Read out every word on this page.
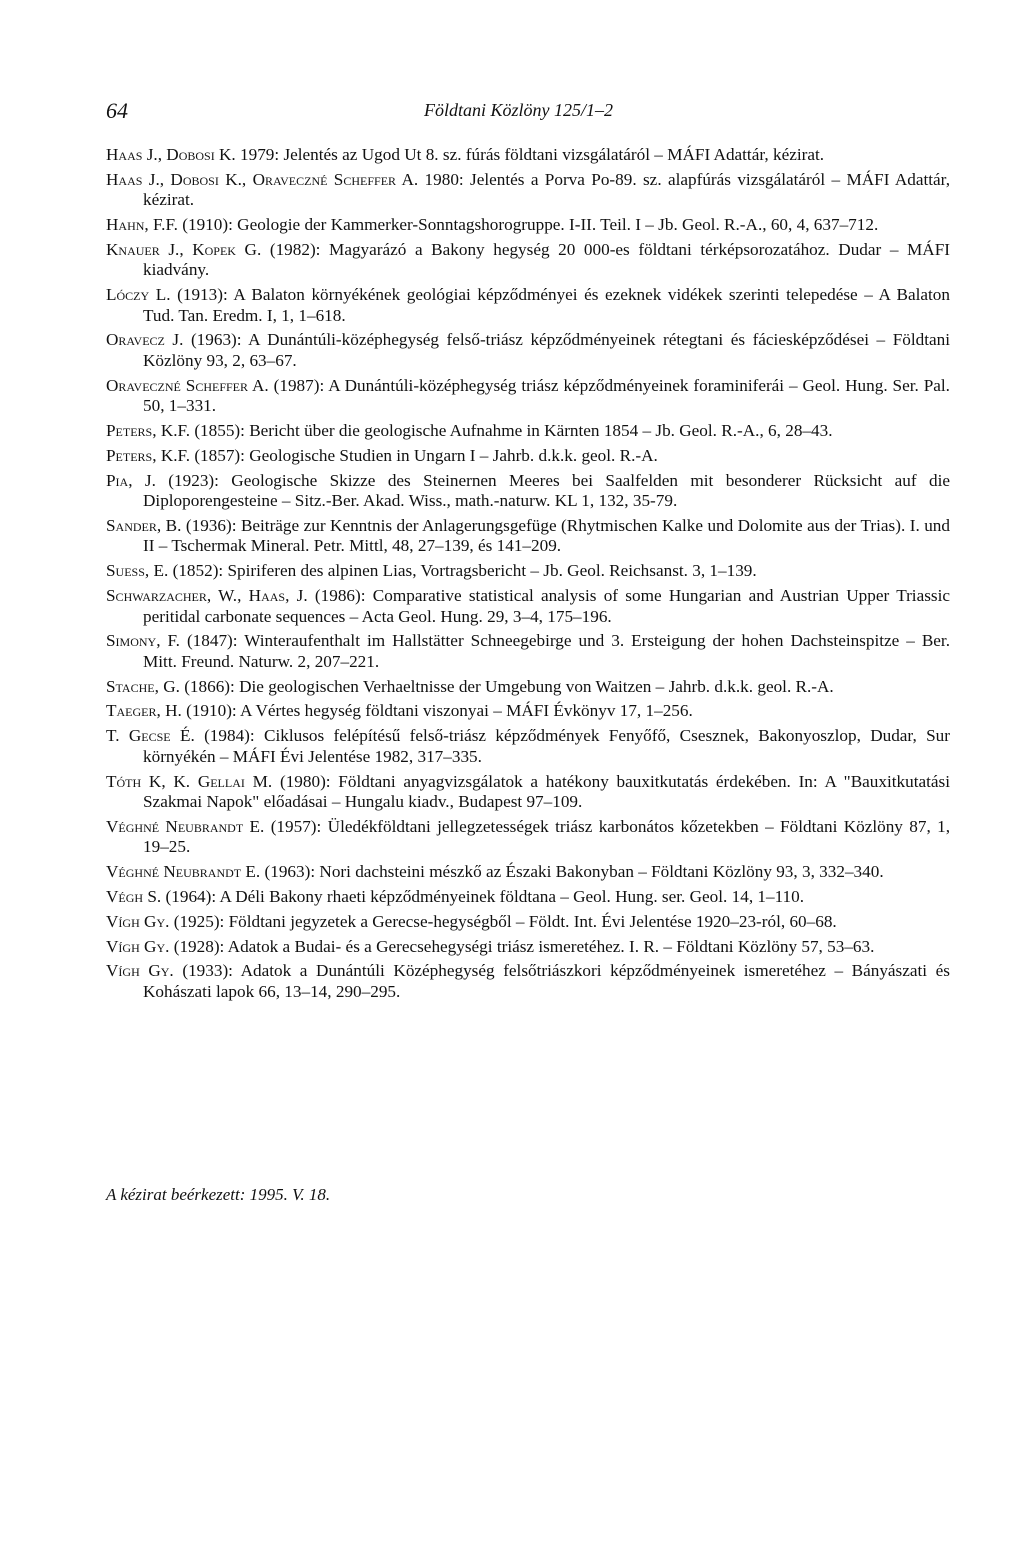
64	Földtani Közlöny 125/1–2

Haas J., Dobosi K. 1979: Jelentés az Ugod Ut 8. sz. fúrás földtani vizsgálatáról – MÁFI Adattár, kézirat.

Haas J., Dobosi K., Oraveczné Scheffer A. 1980: Jelentés a Porva Po-89. sz. alapfúrás vizsgálatáról – MÁFI Adattár, kézirat.

Hahn, F.F. (1910): Geologie der Kammerker-Sonntagshorogruppe. I-II. Teil. I – Jb. Geol. R.-A., 60, 4, 637–712.

Knauer J., Kopek G. (1982): Magyarázó a Bakony hegység 20 000-es földtani térképsorozatához. Dudar – MÁFI kiadvány.

Lóczy L. (1913): A Balaton környékének geológiai képződményei és ezeknek vidékek szerinti telepedése – A Balaton Tud. Tan. Eredm. I, 1, 1–618.

Oravecz J. (1963): A Dunántúli-középhegység felső-triász képződményeinek rétegtani és fáciesképződései – Földtani Közlöny 93, 2, 63–67.

Oraveczné Scheffer A. (1987): A Dunántúli-középhegység triász képződményeinek foraminiferái – Geol. Hung. Ser. Pal. 50, 1–331.

Peters, K.F. (1855): Bericht über die geologische Aufnahme in Kärnten 1854 – Jb. Geol. R.-A., 6, 28–43.

Peters, K.F. (1857): Geologische Studien in Ungarn I – Jahrb. d.k.k. geol. R.-A.

Pia, J. (1923): Geologische Skizze des Steinernen Meeres bei Saalfelden mit besonderer Rücksicht auf die Diploporengesteine – Sitz.-Ber. Akad. Wiss., math.-naturw. KL 1, 132, 35-79.

Sander, B. (1936): Beiträge zur Kenntnis der Anlagerungsgefüge (Rhytmischen Kalke und Dolomite aus der Trias). I. und II – Tschermak Mineral. Petr. Mittl, 48, 27–139, és 141–209.

Suess, E. (1852): Spiriferen des alpinen Lias, Vortragsbericht – Jb. Geol. Reichsanst. 3, 1–139.

Schwarzacher, W., Haas, J. (1986): Comparative statistical analysis of some Hungarian and Austrian Upper Triassic peritidal carbonate sequences – Acta Geol. Hung. 29, 3–4, 175–196.

Simony, F. (1847): Winteraufenthalt im Hallstätter Schneegebirge und 3. Ersteigung der hohen Dachsteinspitze – Ber. Mitt. Freund. Naturw. 2, 207–221.

Stache, G. (1866): Die geologischen Verhaeltnisse der Umgebung von Waitzen – Jahrb. d.k.k. geol. R.-A.

Taeger, H. (1910): A Vértes hegység földtani viszonyai – MÁFI Évkönyv 17, 1–256.

T. Gecse É. (1984): Ciklusos felépítésű felső-triász képződmények Fenyőfő, Csesznek, Bakonyoszlop, Dudar, Sur környékén – MÁFI Évi Jelentése 1982, 317–335.

Tóth K, K. Gellai M. (1980): Földtani anyagvizsgálatok a hatékony bauxitkutatás érdekében. In: A "Bauxitkutatási Szakmai Napok" előadásai – Hungalu kiadv., Budapest 97–109.

Véghné Neubrandt E. (1957): Üledékföldtani jellegzetességek triász karbonátos kőzetekben – Földtani Közlöny 87, 1, 19–25.

Véghné Neubrandt E. (1963): Nori dachsteini mészkő az Északi Bakonyban – Földtani Közlöny 93, 3, 332–340.

Végh S. (1964): A Déli Bakony rhaeti képződményeinek földtana – Geol. Hung. ser. Geol. 14, 1–110.

Vígh Gy. (1925): Földtani jegyzetek a Gerecse-hegységből – Földt. Int. Évi Jelentése 1920–23-ról, 60–68.

Vígh Gy. (1928): Adatok a Budai- és a Gerecsehegységi triász ismeretéhez. I. R. – Földtani Közlöny 57, 53–63.

Vígh Gy. (1933): Adatok a Dunántúli Középhegység felsőtriászkori képződményeinek ismeretéhez – Bányászati és Kohászati lapok 66, 13–14, 290–295.

A kézirat beérkezett: 1995. V. 18.
